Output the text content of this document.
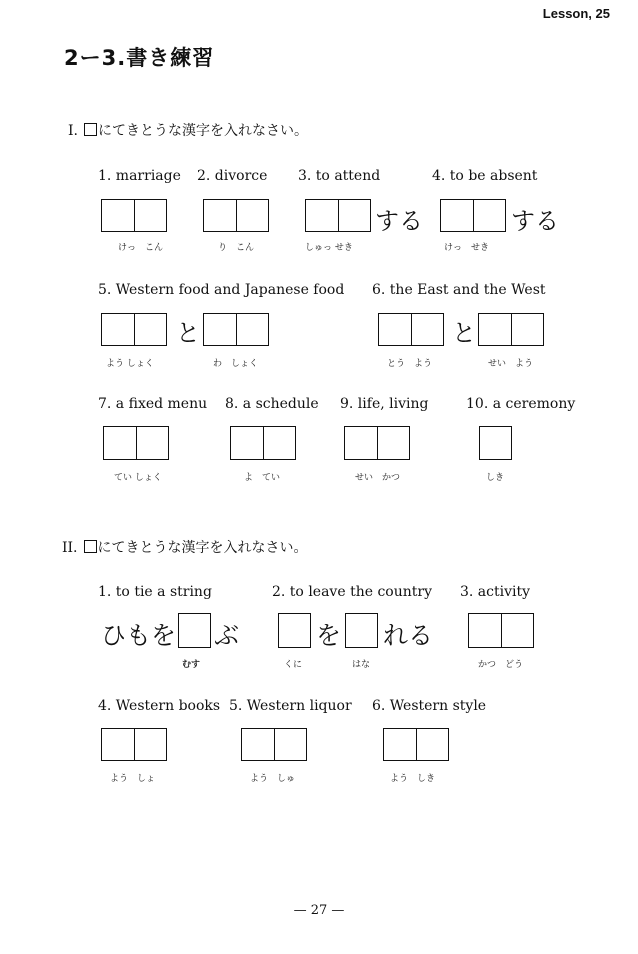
Lesson, 25
2ー3.書き練習
I. にてきとうな漢字を入れなさい。
1. marriage 2. divorce 3. to attend	4. to be absent
する	する
けっ　こん	り　こん	しゅっ せき	けっ　せき
5. Western food and Japanese food 6. the East and the West
と	と
よう しょく	わ　しょく	とう　よう	せい　よう
7. a fixed menu 8. a schedule 9. life, living	10. a ceremony
てい しょく	よ　てい	せい　かつ	しき
II. にてきとうな漢字を入れなさい。
1. to tie a string	2. to leave the country 3. activity
ひもを ぶ	を れる
むす	くに	はな	かつ　どう
4. Western books 5. Western liquor 6. Western style
よう　しょ	よう　しゅ	よう　しき
— 27 —
